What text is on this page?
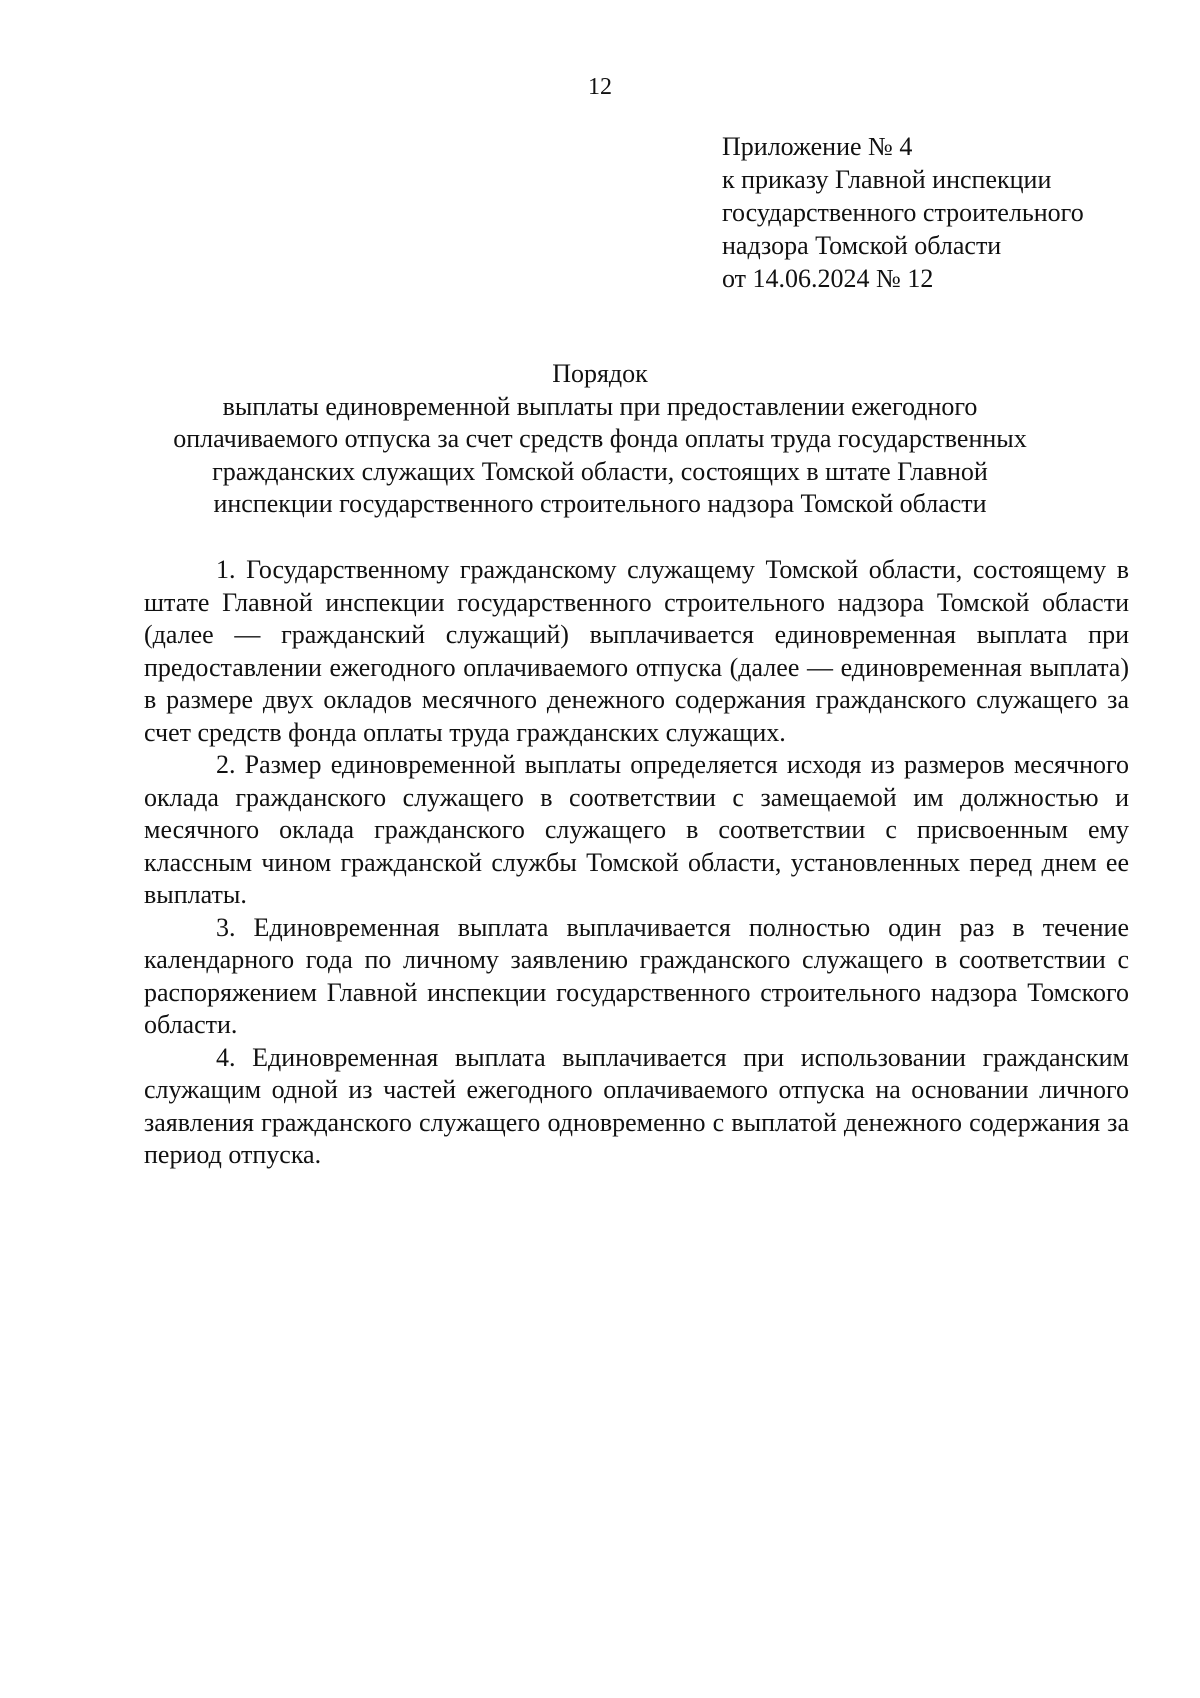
12
Приложение № 4
к приказу Главной инспекции
государственного строительного
надзора Томской области
от 14.06.2024 № 12
Порядок
выплаты единовременной выплаты при предоставлении ежегодного
оплачиваемого отпуска за счет средств фонда оплаты труда государственных
гражданских служащих Томской области, состоящих в штате Главной
инспекции государственного строительного надзора Томской области

1. Государственному гражданскому служащему Томской области, состоящему в штате Главной инспекции государственного строительного надзора Томской области (далее — гражданский служащий) выплачивается единовременная выплата при предоставлении ежегодного оплачиваемого отпуска (далее — единовременная выплата) в размере двух окладов месячного денежного содержания гражданского служащего за счет средств фонда оплаты труда гражданских служащих.

2. Размер единовременной выплаты определяется исходя из размеров месячного оклада гражданского служащего в соответствии с замещаемой им должностью и месячного оклада гражданского служащего в соответствии с присвоенным ему классным чином гражданской службы Томской области, установленных перед днем ее выплаты.

3. Единовременная выплата выплачивается полностью один раз в течение календарного года по личному заявлению гражданского служащего в соответствии с распоряжением Главной инспекции государственного строительного надзора Томского области.

4. Единовременная выплата выплачивается при использовании гражданским служащим одной из частей ежегодного оплачиваемого отпуска на основании личного заявления гражданского служащего одновременно с выплатой денежного содержания за период отпуска.
